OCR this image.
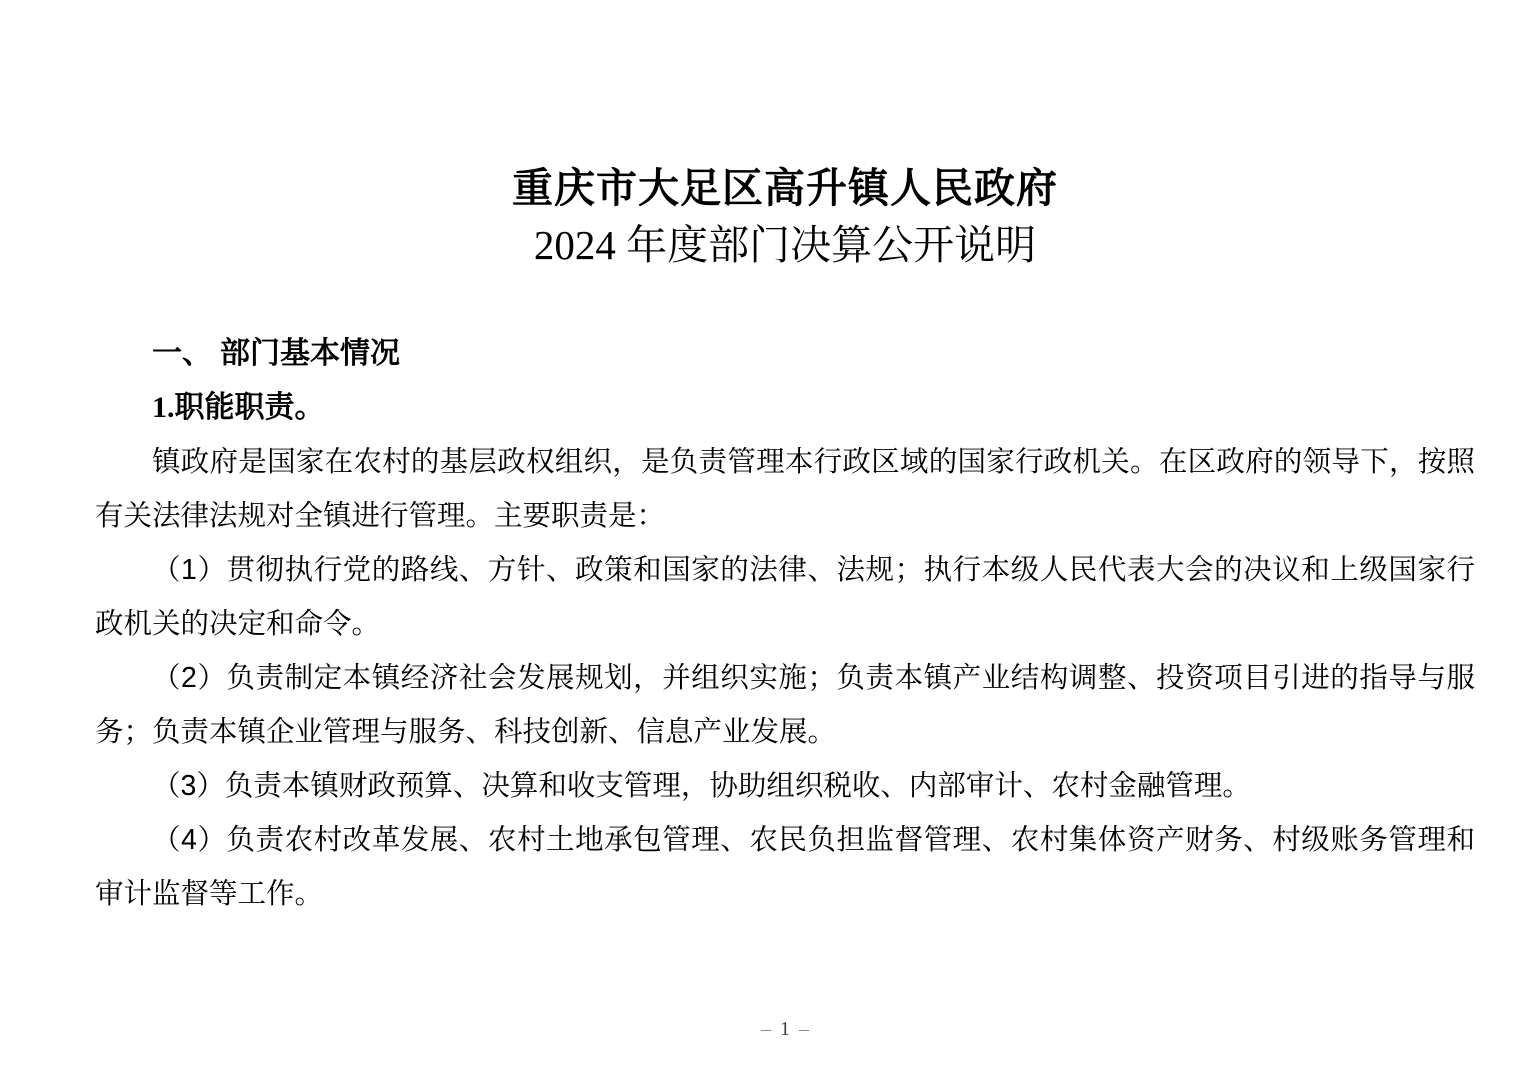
重庆市大足区高升镇人民政府
2024 年度部门决算公开说明
一、 部门基本情况
1.职能职责。

镇政府是国家在农村的基层政权组织，是负责管理本行政区域的国家行政机关。在区政府的领导下，按照有关法律法规对全镇进行管理。主要职责是：

（1）贯彻执行党的路线、方针、政策和国家的法律、法规；执行本级人民代表大会的决议和上级国家行政机关的决定和命令。

（2）负责制定本镇经济社会发展规划，并组织实施；负责本镇产业结构调整、投资项目引进的指导与服务；负责本镇企业管理与服务、科技创新、信息产业发展。

（3）负责本镇财政预算、决算和收支管理，协助组织税收、内部审计、农村金融管理。

（4）负责农村改革发展、农村土地承包管理、农民负担监督管理、农村集体资产财务、村级账务管理和审计监督等工作。

– 1 –
